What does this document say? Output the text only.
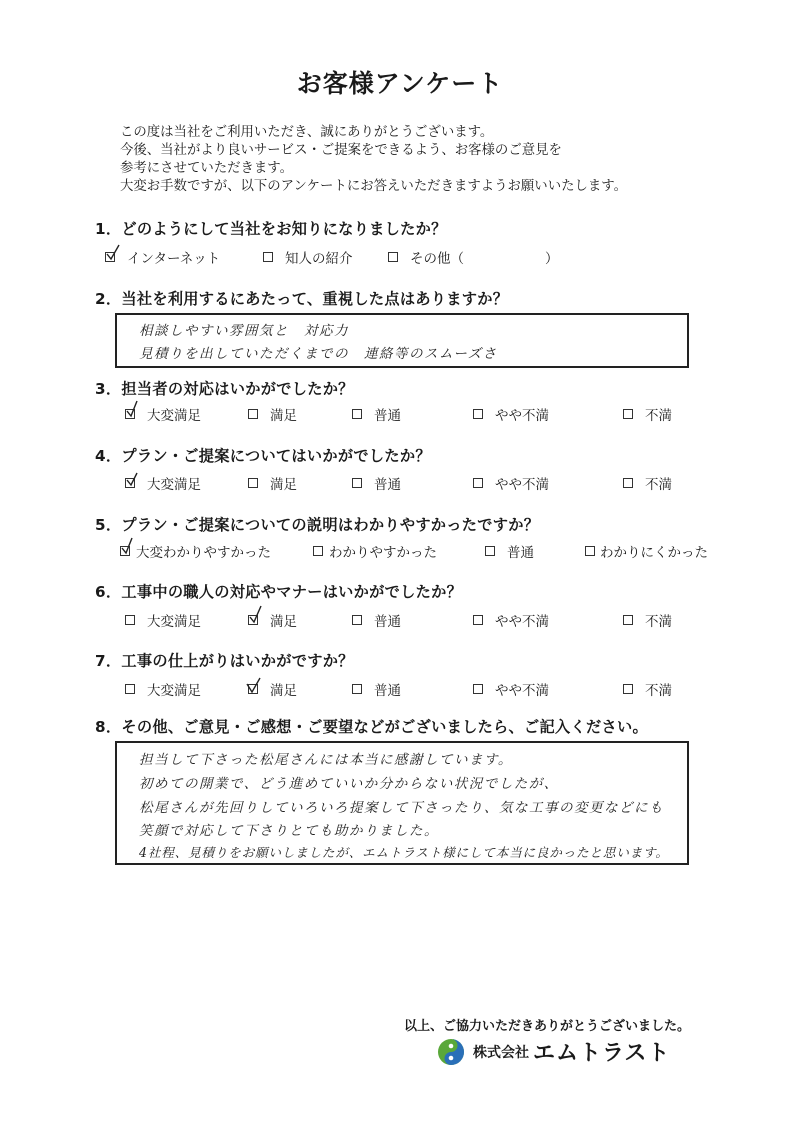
お客様アンケート
この度は当社をご利用いただき、誠にありがとうございます。
今後、当社がより良いサービス・ご提案をできるよう、お客様のご意見を
参考にさせていただきます。
大変お手数ですが、以下のアンケートにお答えいただきますようお願いいたします。
1．どのようにして当社をお知りになりましたか？
インターネット	知人の紹介	その他（　　　　　　）
2．当社を利用するにあたって、重視した点はありますか？
相談しやすい雰囲気と　対応力
見積りを出していただくまでの　連絡等のスムーズさ
3．担当者の対応はいかがでしたか？
大変満足	満足	普通	やや不満	不満
4．プラン・ご提案についてはいかがでしたか？
大変満足	満足	普通	やや不満	不満
5．プラン・ご提案についての説明はわかりやすかったですか？
大変わかりやすかった	わかりやすかった	普通	わかりにくかった
6．工事中の職人の対応やマナーはいかがでしたか？
大変満足	満足	普通	やや不満	不満
7．工事の仕上がりはいかがですか？
大変満足	満足	普通	やや不満	不満
8．その他、ご意見・ご感想・ご要望などがございましたら、ご記入ください。
担当して下さった松尾さんには本当に感謝しています。
初めての開業で、どう進めていいか分からない状況でしたが、
松尾さんが先回りしていろいろ提案して下さったり、気な工事の変更などにも
笑顔で対応して下さりとても助かりました。
4社程、見積りをお願いしましたが、エムトラスト様にして本当に良かったと思います。
以上、ご協力いただきありがとうございました。
株式会社 エムトラスト
